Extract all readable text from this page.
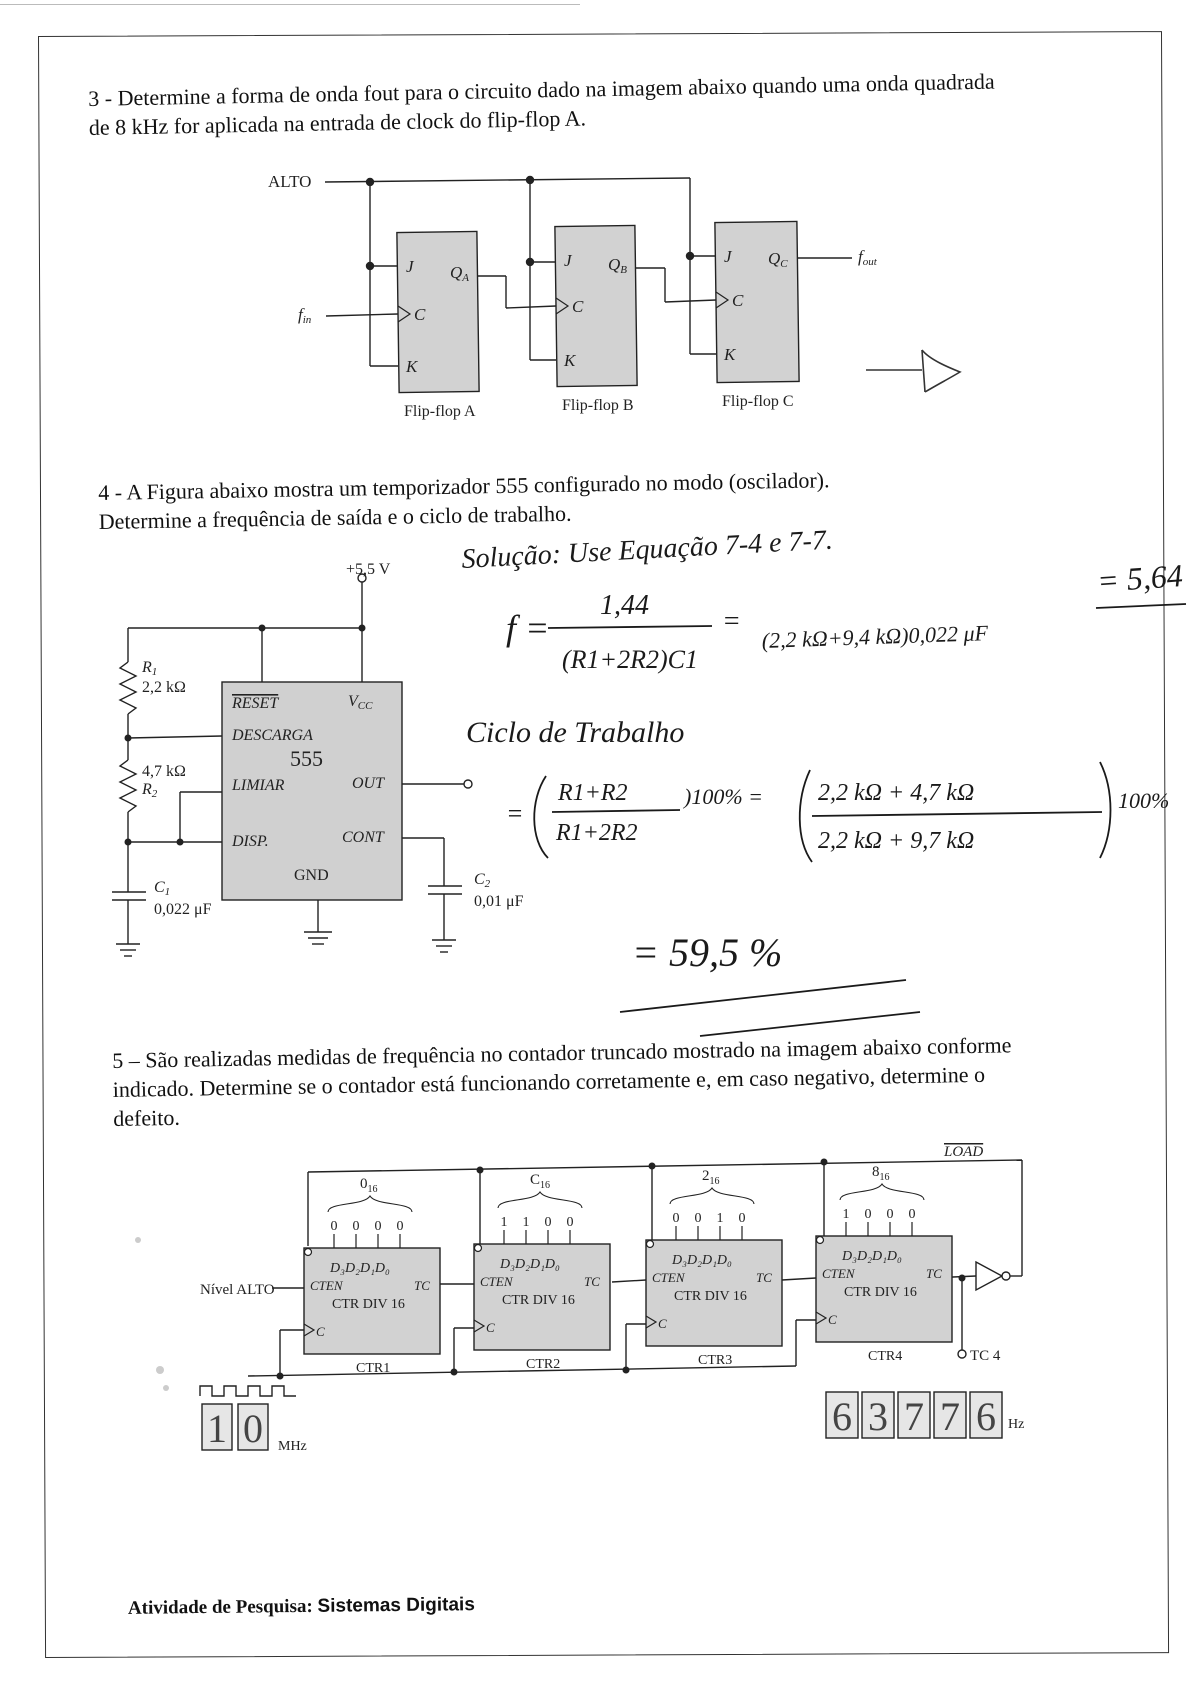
3 - Determine a forma de onda fout para o circuito dado na imagem abaixo quando uma onda quadrada
de 8 kHz for aplicada na entrada de clock do flip-flop A.

ALTO
fin
fout
J
C
K
QA
J
C
K
QB
J
C
K
QC
Flip-flop A	Flip-flop B	Flip-flop C

4 - A Figura abaixo mostra um temporizador 555 configurado no modo (oscilador).
Determine a frequência de saída e o ciclo de trabalho.

+5,5 V
R1
2,2 kΩ
4,7 kΩ
R2
C1
0,022 μF
C2
0,01 μF
RESET	VCC
DESCARGA
555
LIMIAR	OUT
DISP.	CONT
GND
Solução: Use Equação 7-4 e 7-7.
f =
1,44
(R1+2R2)C1
= (2,2 kΩ+9,4 kΩ)0,022 μF
= 5,64
Ciclo de Trabalho
=
R1+R2
R1+2R2
)100% = 2,2 kΩ + 4,7 kΩ
2,2 kΩ + 9,7 kΩ
100%
= 59,5 %

5 – São realizadas medidas de frequência no contador truncado mostrado na imagem abaixo conforme
indicado. Determine se o contador está funcionando corretamente e, em caso negativo, determine o
defeito.

LOAD
Nível ALTO
TC 4
$0_{16}$
0 0 0 0
D₃D₂D₁D₀
CTEN	TC
CTR DIV 16
C
CTR1
$C_{16}$
1 1 0 0
D₃D₂D₁D₀
CTEN	TC
CTR DIV 16
C
CTR2
$2_{16}$
0 0 1 0
D₃D₂D₁D₀
CTEN	TC
CTR DIV 16
C
CTR3
$8_{16}$
1 0 0 0
D₃D₂D₁D₀
CTEN	TC
CTR DIV 16
C
CTR4
1 0 MHz
Hz
6 3 7 7 6
Atividade de Pesquisa: Sistemas Digitais
